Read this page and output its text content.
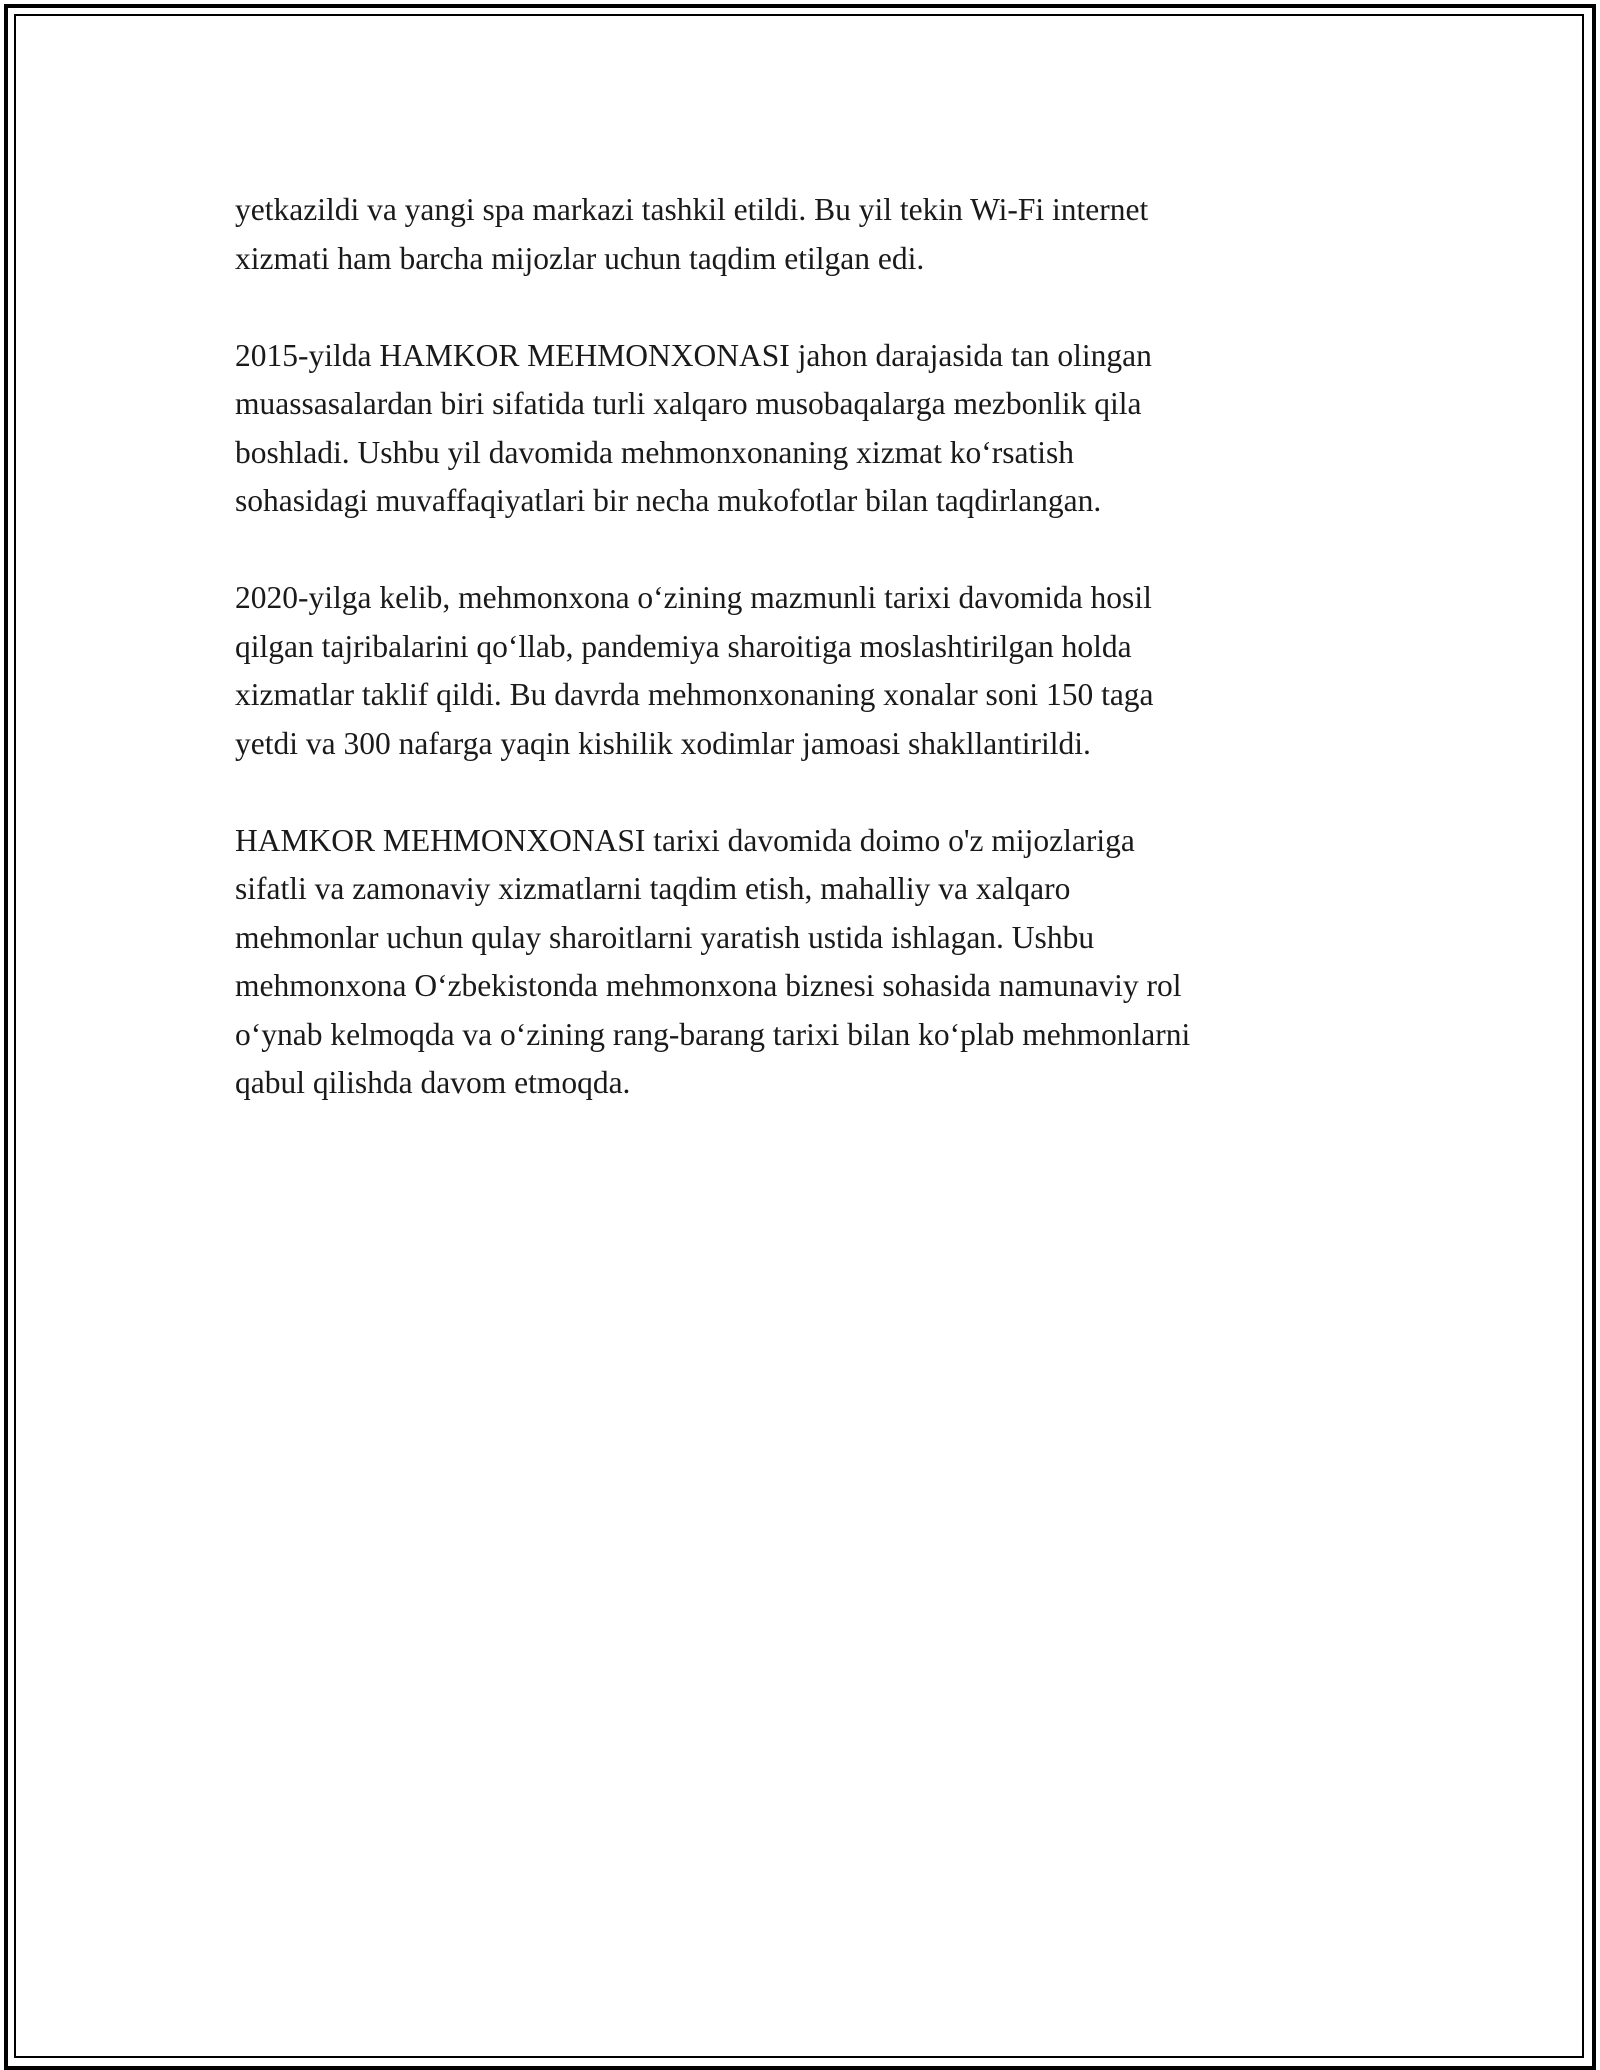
yetkazildi va yangi spa markazi tashkil etildi. Bu yil tekin Wi-Fi internet
xizmati ham barcha mijozlar uchun taqdim etilgan edi.

2015-yilda HAMKOR MEHMONXONASI jahon darajasida tan olingan
muassasalardan biri sifatida turli xalqaro musobaqalarga mezbonlik qila
boshladi. Ushbu yil davomida mehmonxonaning xizmat ko‘rsatish
sohasidagi muvaffaqiyatlari bir necha mukofotlar bilan taqdirlangan.

2020-yilga kelib, mehmonxona o‘zining mazmunli tarixi davomida hosil
qilgan tajribalarini qo‘llab, pandemiya sharoitiga moslashtirilgan holda
xizmatlar taklif qildi. Bu davrda mehmonxonaning xonalar soni 150 taga
yetdi va 300 nafarga yaqin kishilik xodimlar jamoasi shakllantirildi.

HAMKOR MEHMONXONASI tarixi davomida doimo o'z mijozlariga
sifatli va zamonaviy xizmatlarni taqdim etish, mahalliy va xalqaro
mehmonlar uchun qulay sharoitlarni yaratish ustida ishlagan. Ushbu
mehmonxona O‘zbekistonda mehmonxona biznesi sohasida namunaviy rol
o‘ynab kelmoqda va o‘zining rang-barang tarixi bilan ko‘plab mehmonlarni
qabul qilishda davom etmoqda.
